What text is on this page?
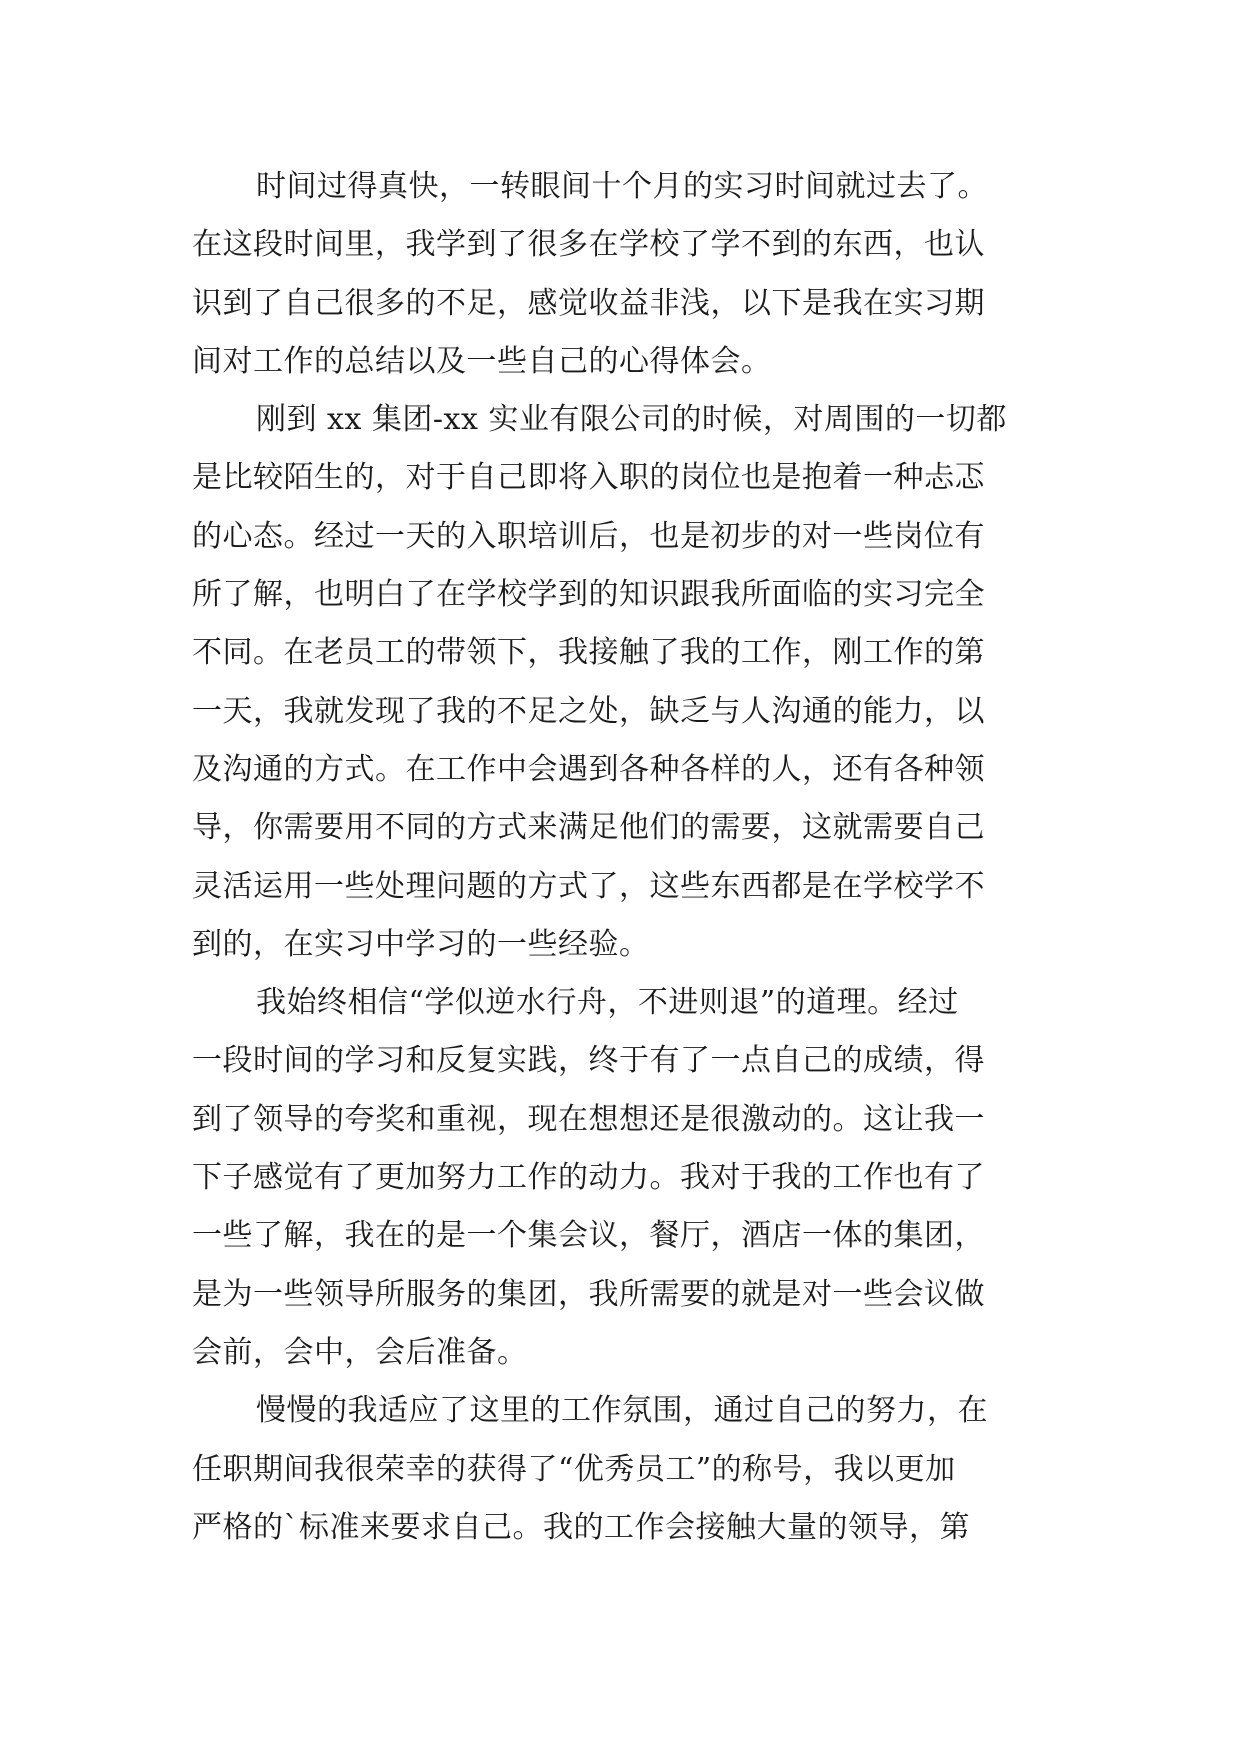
时间过得真快，一转眼间十个月的实习时间就过去了。
在这段时间里，我学到了很多在学校了学不到的东西，也认
识到了自己很多的不足，感觉收益非浅，以下是我在实习期
间对工作的总结以及一些自己的心得体会。
刚到 xx 集团-xx 实业有限公司的时候，对周围的一切都
是比较陌生的，对于自己即将入职的岗位也是抱着一种忐忑
的心态。经过一天的入职培训后，也是初步的对一些岗位有
所了解，也明白了在学校学到的知识跟我所面临的实习完全
不同。在老员工的带领下，我接触了我的工作，刚工作的第
一天，我就发现了我的不足之处，缺乏与人沟通的能力，以
及沟通的方式。在工作中会遇到各种各样的人，还有各种领
导，你需要用不同的方式来满足他们的需要，这就需要自己
灵活运用一些处理问题的方式了，这些东西都是在学校学不
到的，在实习中学习的一些经验。
我始终相信“学似逆水行舟，不进则退”的道理。经过
一段时间的学习和反复实践，终于有了一点自己的成绩，得
到了领导的夸奖和重视，现在想想还是很激动的。这让我一
下子感觉有了更加努力工作的动力。我对于我的工作也有了
一些了解，我在的是一个集会议，餐厅，酒店一体的集团，
是为一些领导所服务的集团，我所需要的就是对一些会议做
会前，会中，会后准备。
慢慢的我适应了这里的工作氛围，通过自己的努力，在
任职期间我很荣幸的获得了“优秀员工”的称号，我以更加
严格的`标准来要求自己。我的工作会接触大量的领导，第
